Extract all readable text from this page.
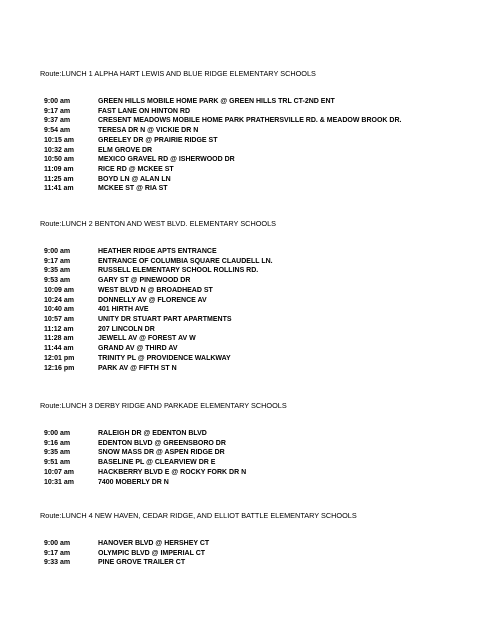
Route:LUNCH 1 ALPHA HART LEWIS AND BLUE RIDGE ELEMENTARY SCHOOLS
9:00 am	GREEN HILLS MOBILE HOME PARK @ GREEN HILLS TRL CT-2ND ENT
9:17 am	FAST LANE ON HINTON RD
9:37 am	CRESENT MEADOWS MOBILE HOME PARK PRATHERSVILLE RD. & MEADOW BROOK DR.
9:54 am	TERESA DR N @ VICKIE DR N
10:15 am	GREELEY DR @ PRAIRIE RIDGE ST
10:32 am	ELM GROVE DR
10:50 am	MEXICO GRAVEL RD @ ISHERWOOD DR
11:09 am	RICE RD @ MCKEE ST
11:25 am	BOYD LN @ ALAN LN
11:41 am	MCKEE ST @ RIA ST
Route:LUNCH 2 BENTON AND WEST BLVD. ELEMENTARY SCHOOLS
9:00 am	HEATHER RIDGE APTS ENTRANCE
9:17 am	ENTRANCE OF COLUMBIA SQUARE CLAUDELL LN.
9:35 am	RUSSELL ELEMENTARY SCHOOL ROLLINS RD.
9:53 am	GARY ST @ PINEWOOD DR
10:09 am	WEST BLVD N @ BROADHEAD ST
10:24 am	DONNELLY AV @ FLORENCE AV
10:40 am	401 HIRTH AVE
10:57 am	UNITY DR STUART PART APARTMENTS
11:12 am	207 LINCOLN DR
11:28 am	JEWELL AV @ FOREST AV W
11:44 am	GRAND AV @ THIRD AV
12:01 pm	TRINITY PL @ PROVIDENCE WALKWAY
12:16 pm	PARK AV @ FIFTH ST N
Route:LUNCH 3 DERBY RIDGE AND PARKADE ELEMENTARY SCHOOLS
9:00 am	RALEIGH DR @ EDENTON BLVD
9:16 am	EDENTON BLVD @ GREENSBORO DR
9:35 am	SNOW MASS DR @ ASPEN RIDGE DR
9:51 am	BASELINE PL @ CLEARVIEW DR E
10:07 am	HACKBERRY BLVD E @ ROCKY FORK DR N
10:31 am	7400 MOBERLY DR N
Route:LUNCH 4 NEW HAVEN, CEDAR RIDGE, AND ELLIOT BATTLE ELEMENTARY SCHOOLS
9:00 am	HANOVER BLVD @ HERSHEY CT
9:17 am	OLYMPIC BLVD @ IMPERIAL CT
9:33 am	PINE GROVE TRAILER CT
